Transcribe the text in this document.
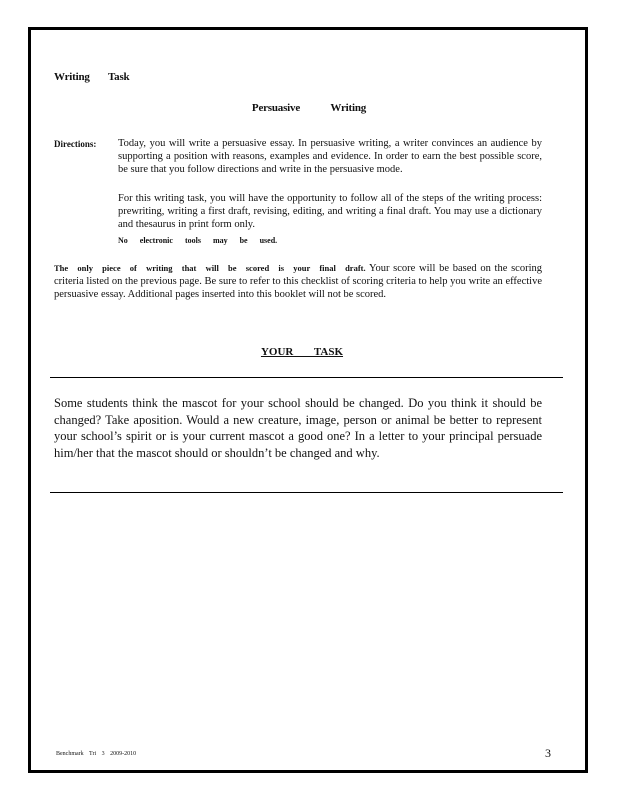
Writing Task
Persuasive Writing
Directions: Today, you will write a persuasive essay. In persuasive writing, a writer convinces an audience by supporting a position with reasons, examples and evidence. In order to earn the best possible score, be sure that you follow directions and write in the persuasive mode.
For this writing task, you will have the opportunity to follow all of the steps of the writing process: prewriting, writing a first draft, revising, editing, and writing a final draft. You may use a dictionary and thesaurus in print form only.
No electronic tools may be used.
The only piece of writing that will be scored is your final draft. Your score will be based on the scoring criteria listed on the previous page. Be sure to refer to this checklist of scoring criteria to help you write an effective persuasive essay. Additional pages inserted into this booklet will not be scored.
YOUR TASK
Some students think the mascot for your school should be changed. Do you think it should be changed? Take aposition. Would a new creature, image, person or animal be better to represent your school’s spirit or is your current mascot a good one? In a letter to your principal persuade him/her that the mascot should or shouldn’t be changed and why.
Benchmark Tri 3 2009-2010	3
